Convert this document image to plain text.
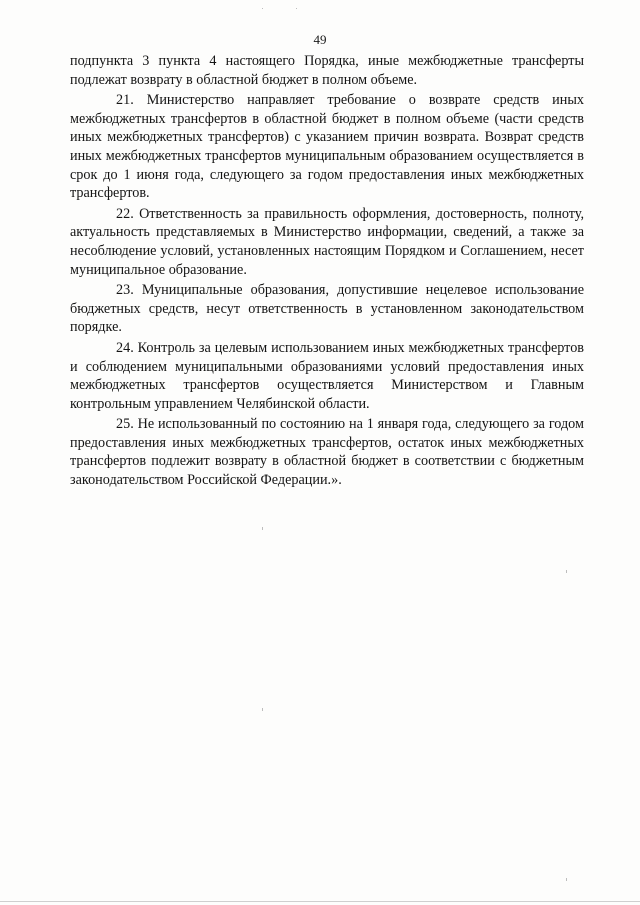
49

подпункта 3 пункта 4 настоящего Порядка, иные межбюджетные трансферты подлежат возврату в областной бюджет в полном объеме.

21. Министерство направляет требование о возврате средств иных межбюджетных трансфертов в областной бюджет в полном объеме (части средств иных межбюджетных трансфертов) с указанием причин возврата. Возврат средств иных межбюджетных трансфертов муниципальным образованием осуществляется в срок до 1 июня года, следующего за годом предоставления иных межбюджетных трансфертов.

22. Ответственность за правильность оформления, достоверность, полноту, актуальность представляемых в Министерство информации, сведений, а также за несоблюдение условий, установленных настоящим Порядком и Соглашением, несет муниципальное образование.

23. Муниципальные образования, допустившие нецелевое использование бюджетных средств, несут ответственность в установленном законодательством порядке.

24. Контроль за целевым использованием иных межбюджетных трансфертов и соблюдением муниципальными образованиями условий предоставления иных межбюджетных трансфертов осуществляется Министерством и Главным контрольным управлением Челябинской области.

25. Не использованный по состоянию на 1 января года, следующего за годом предоставления иных межбюджетных трансфертов, остаток иных межбюджетных трансфертов подлежит возврату в областной бюджет в соответствии с бюджетным законодательством Российской Федерации.».
